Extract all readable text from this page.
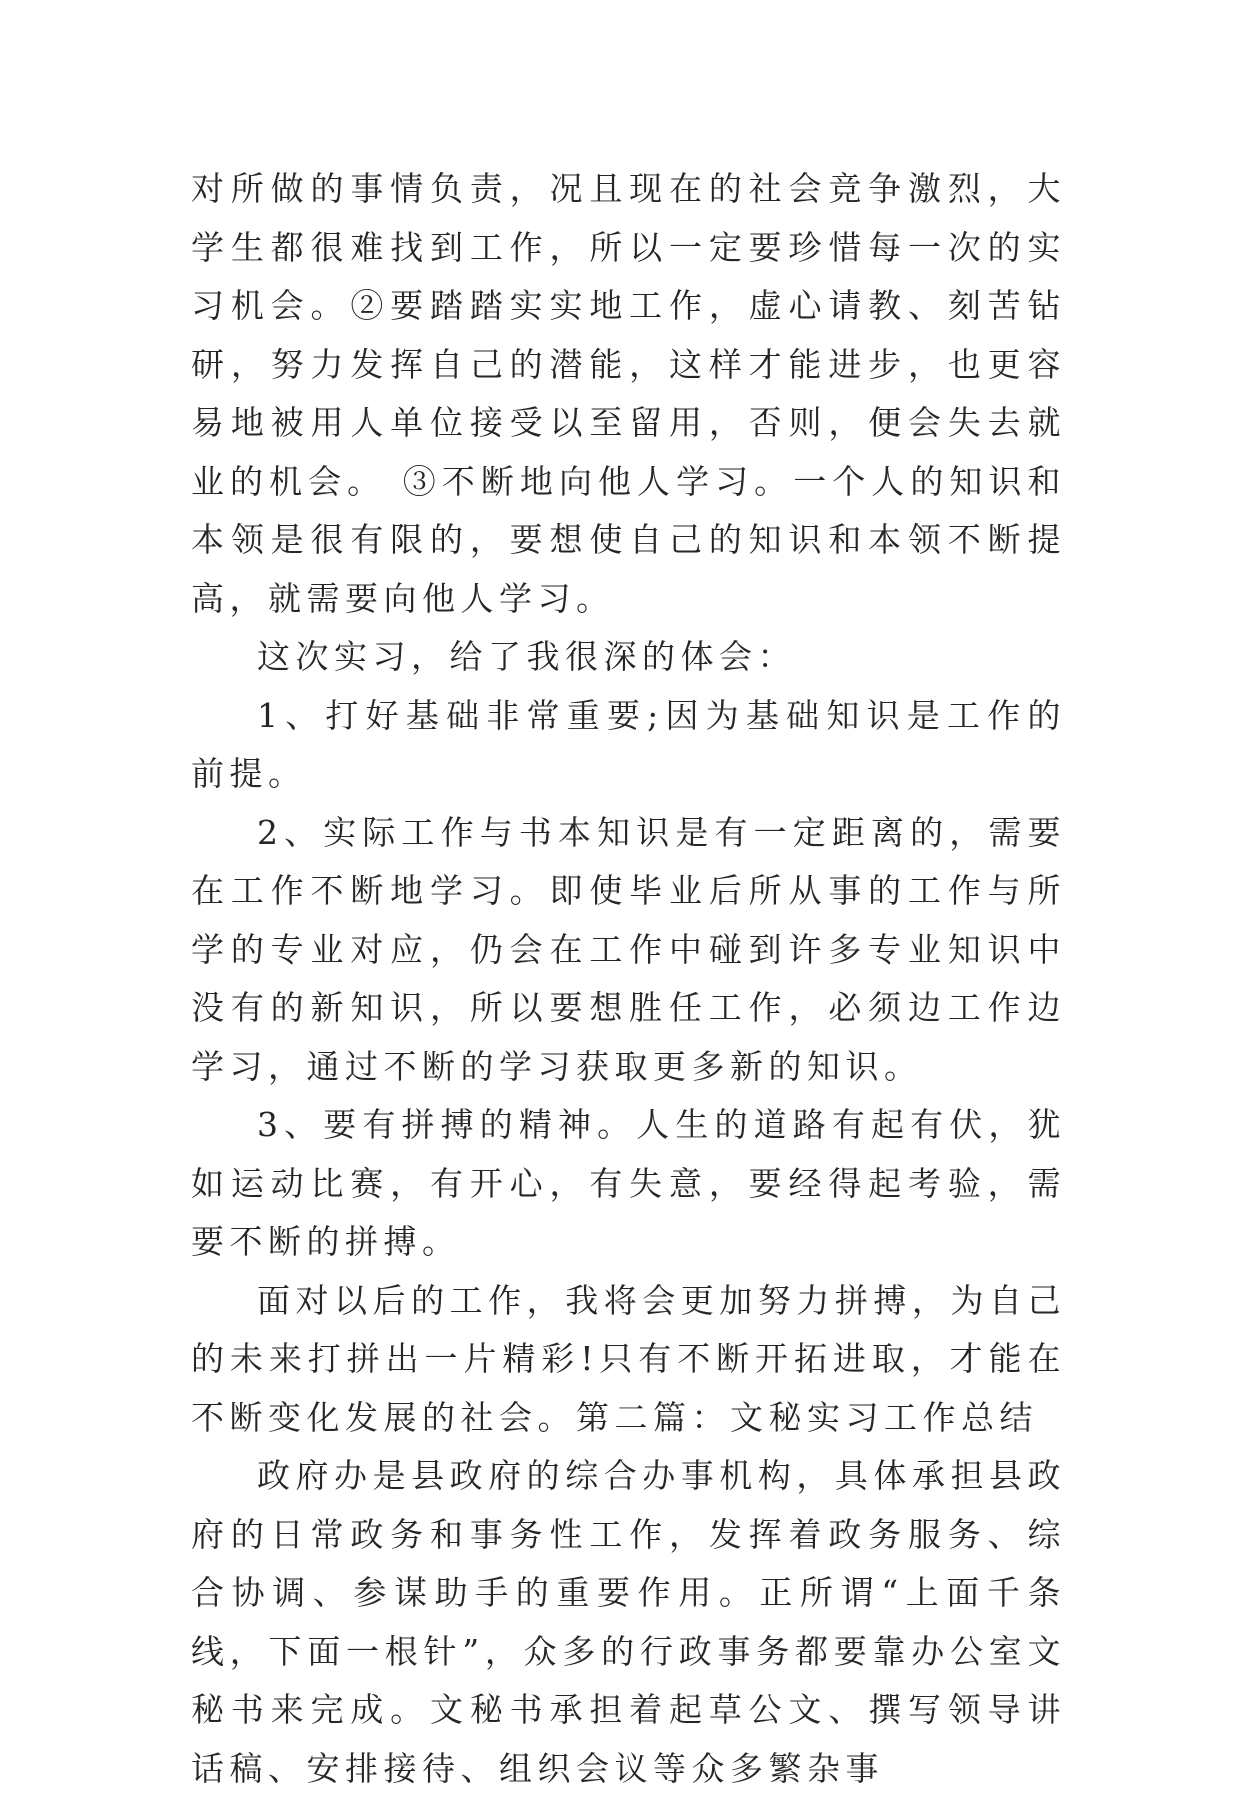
对所做的事情负责，况且现在的社会竞争激烈，大学生都很难找到工作，所以一定要珍惜每一次的实习机会。②要踏踏实实地工作，虚心请教、刻苦钻研，努力发挥自己的潜能，这样才能进步，也更容易地被用人单位接受以至留用，否则，便会失去就业的机会。 ③不断地向他人学习。一个人的知识和本领是很有限的，要想使自己的知识和本领不断提高，就需要向他人学习。

这次实习，给了我很深的体会：

1、打好基础非常重要;因为基础知识是工作的前提。

2、实际工作与书本知识是有一定距离的，需要在工作不断地学习。即使毕业后所从事的工作与所学的专业对应，仍会在工作中碰到许多专业知识中没有的新知识，所以要想胜任工作，必须边工作边学习，通过不断的学习获取更多新的知识。

3、要有拼搏的精神。人生的道路有起有伏，犹如运动比赛，有开心，有失意，要经得起考验，需要不断的拼搏。

面对以后的工作，我将会更加努力拼搏，为自己的未来打拼出一片精彩!只有不断开拓进取，才能在不断变化发展的社会。第二篇：文秘实习工作总结

政府办是县政府的综合办事机构，具体承担县政府的日常政务和事务性工作，发挥着政务服务、综合协调、参谋助手的重要作用。正所谓“上面千条线，下面一根针”，众多的行政事务都要靠办公室文秘书来完成。文秘书承担着起草公文、撰写领导讲话稿、安排接待、组织会议等众多繁杂事
